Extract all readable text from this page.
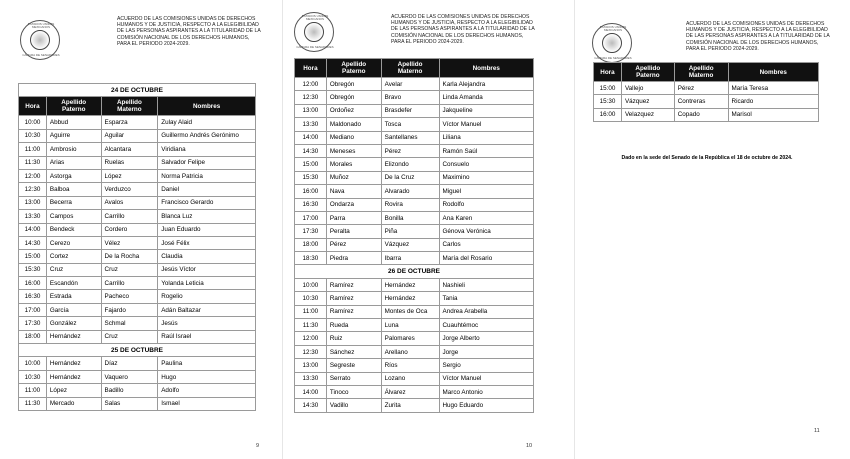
ESTADOS UNIDOS MEXICANOS
CÁMARA DE SENADORES
ACUERDO DE LAS COMISIONES UNIDAS DE DERECHOS HUMANOS Y DE JUSTICIA, RESPECTO A LA ELEGIBILIDAD DE LAS PERSONAS ASPIRANTES A LA TITULARIDAD DE LA COMISIÓN NACIONAL DE LOS DERECHOS HUMANOS, PARA EL PERIODO 2024-2029.
24 DE OCTUBRE			
Hora	Apellido Paterno	Apellido Materno	Nombres
10:00	Abbud	Esparza	Zulay Alaid
10:30	Aguirre	Aguilar	Guillermo Andrés Gerónimo
11:00	Ambrosio	Alcantara	Viridiana
11:30	Arias	Ruelas	Salvador Felipe
12:00	Astorga	López	Norma Patricia
12:30	Balboa	Verduzco	Daniel
13:00	Becerra	Avalos	Francisco Gerardo
13:30	Campos	Carrillo	Blanca Luz
14:00	Bendeck	Cordero	Juan Eduardo
14:30	Cerezo	Vélez	José Félix
15:00	Cortez	De la Rocha	Claudia
15:30	Cruz	Cruz	Jesús Víctor
16:00	Escandón	Carrillo	Yolanda Leticia
16:30	Estrada	Pacheco	Rogelio
17:00	García	Fajardo	Adán Baltazar
17:30	González	Schmal	Jesús
18:00	Hernández	Cruz	Raúl Israel
25 DE OCTUBRE			
10:00	Hernández	Díaz	Paulina
10:30	Hernández	Vaquero	Hugo
11:00	López	Badillo	Adolfo
11:30	Mercado	Salas	Ismael
9
ESTADOS UNIDOS MEXICANOS
CÁMARA DE SENADORES
ACUERDO DE LAS COMISIONES UNIDAS DE DERECHOS HUMANOS Y DE JUSTICIA, RESPECTO A LA ELEGIBILIDAD DE LAS PERSONAS ASPIRANTES A LA TITULARIDAD DE LA COMISIÓN NACIONAL DE LOS DERECHOS HUMANOS, PARA EL PERIODO 2024-2029.
Hora	Apellido Paterno	Apellido Materno	Nombres
12:00	Obregón	Avelar	Karla Alejandra
12:30	Obregón	Bravo	Linda Amanda
13:00	Ordoñez	Brasdefer	Jakqueline
13:30	Maldonado	Tosca	Víctor Manuel
14:00	Mediano	Santellanes	Liliana
14:30	Meneses	Pérez	Ramón Saúl
15:00	Morales	Elizondo	Consuelo
15:30	Muñoz	De la Cruz	Maximino
16:00	Nava	Alvarado	Miguel
16:30	Ondarza	Rovira	Rodolfo
17:00	Parra	Bonilla	Ana Karen
17:30	Peralta	Piña	Génova Verónica
18:00	Pérez	Vázquez	Carlos
18:30	Piedra	Ibarra	María del Rosario
26 DE OCTUBRE			
10:00	Ramírez	Hernández	Nashieli
10:30	Ramírez	Hernández	Tania
11:00	Ramírez	Montes de Oca	Andrea Arabella
11:30	Rueda	Luna	Cuauhtémoc
12:00	Ruiz	Palomares	Jorge Alberto
12:30	Sánchez	Arellano	Jorge
13:00	Segreste	Ríos	Sergio
13:30	Serrato	Lozano	Víctor Manuel
14:00	Tinoco	Álvarez	Marco Antonio
14:30	Vadillo	Zurita	Hugo Eduardo
10
ESTADOS UNIDOS MEXICANOS
CÁMARA DE SENADORES
ACUERDO DE LAS COMISIONES UNIDAS DE DERECHOS HUMANOS Y DE JUSTICIA, RESPECTO A LA ELEGIBILIDAD DE LAS PERSONAS ASPIRANTES A LA TITULARIDAD DE LA COMISIÓN NACIONAL DE LOS DERECHOS HUMANOS, PARA EL PERIODO 2024-2029.
Hora	Apellido Paterno	Apellido Materno	Nombres
15:00	Vallejo	Pérez	María Teresa
15:30	Vázquez	Contreras	Ricardo
16:00	Velazquez	Copado	Marisol
Dado en la sede del Senado de la República el 18 de octubre de 2024.
11
